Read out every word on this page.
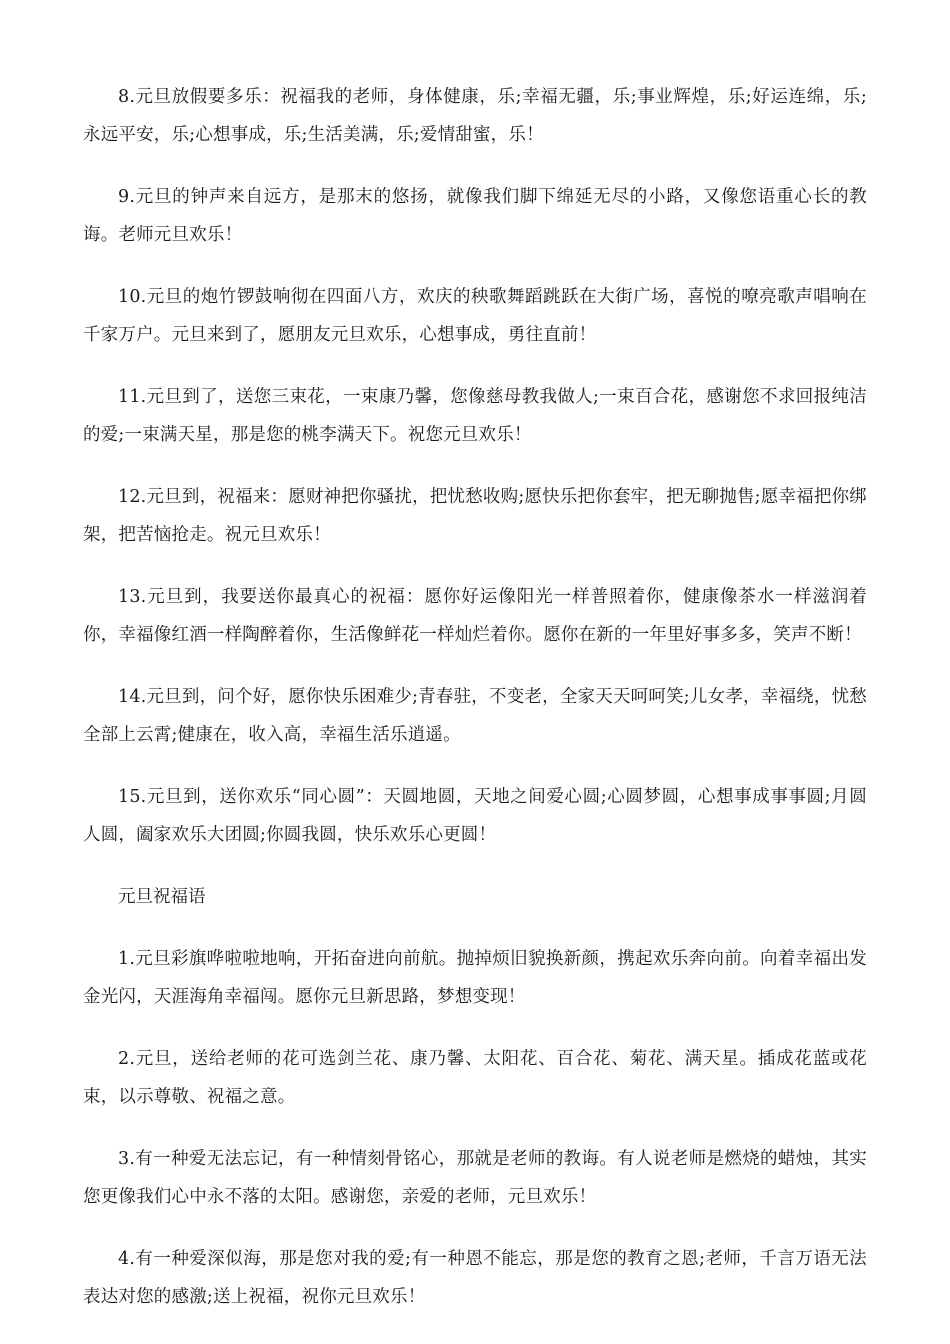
8.元旦放假要多乐：祝福我的老师，身体健康，乐;幸福无疆，乐;事业辉煌，乐;好运连绵，乐;永远平安，乐;心想事成，乐;生活美满，乐;爱情甜蜜，乐！

9.元旦的钟声来自远方，是那末的悠扬，就像我们脚下绵延无尽的小路，又像您语重心长的教诲。老师元旦欢乐！

10.元旦的炮竹锣鼓响彻在四面八方，欢庆的秧歌舞蹈跳跃在大街广场，喜悦的嘹亮歌声唱响在千家万户。元旦来到了，愿朋友元旦欢乐，心想事成，勇往直前！

11.元旦到了，送您三束花，一束康乃馨，您像慈母教我做人;一束百合花，感谢您不求回报纯洁的爱;一束满天星，那是您的桃李满天下。祝您元旦欢乐！

12.元旦到，祝福来：愿财神把你骚扰，把忧愁收购;愿快乐把你套牢，把无聊抛售;愿幸福把你绑架，把苦恼抢走。祝元旦欢乐！

13.元旦到，我要送你最真心的祝福：愿你好运像阳光一样普照着你，健康像茶水一样滋润着你，幸福像红酒一样陶醉着你，生活像鲜花一样灿烂着你。愿你在新的一年里好事多多，笑声不断！

14.元旦到，问个好，愿你快乐困难少;青春驻，不变老，全家天天呵呵笑;儿女孝，幸福绕，忧愁全部上云霄;健康在，收入高，幸福生活乐逍遥。

15.元旦到，送你欢乐“同心圆”：天圆地圆，天地之间爱心圆;心圆梦圆，心想事成事事圆;月圆人圆，阖家欢乐大团圆;你圆我圆，快乐欢乐心更圆！

元旦祝福语

1.元旦彩旗哗啦啦地响，开拓奋进向前航。抛掉烦旧貌换新颜，携起欢乐奔向前。向着幸福出发金光闪，天涯海角幸福闯。愿你元旦新思路，梦想变现！

2.元旦，送给老师的花可选剑兰花、康乃馨、太阳花、百合花、菊花、满天星。插成花蓝或花束，以示尊敬、祝福之意。

3.有一种爱无法忘记，有一种情刻骨铭心，那就是老师的教诲。有人说老师是燃烧的蜡烛，其实您更像我们心中永不落的太阳。感谢您，亲爱的老师，元旦欢乐！

4.有一种爱深似海，那是您对我的爱;有一种恩不能忘，那是您的教育之恩;老师，千言万语无法表达对您的感激;送上祝福，祝你元旦欢乐！
